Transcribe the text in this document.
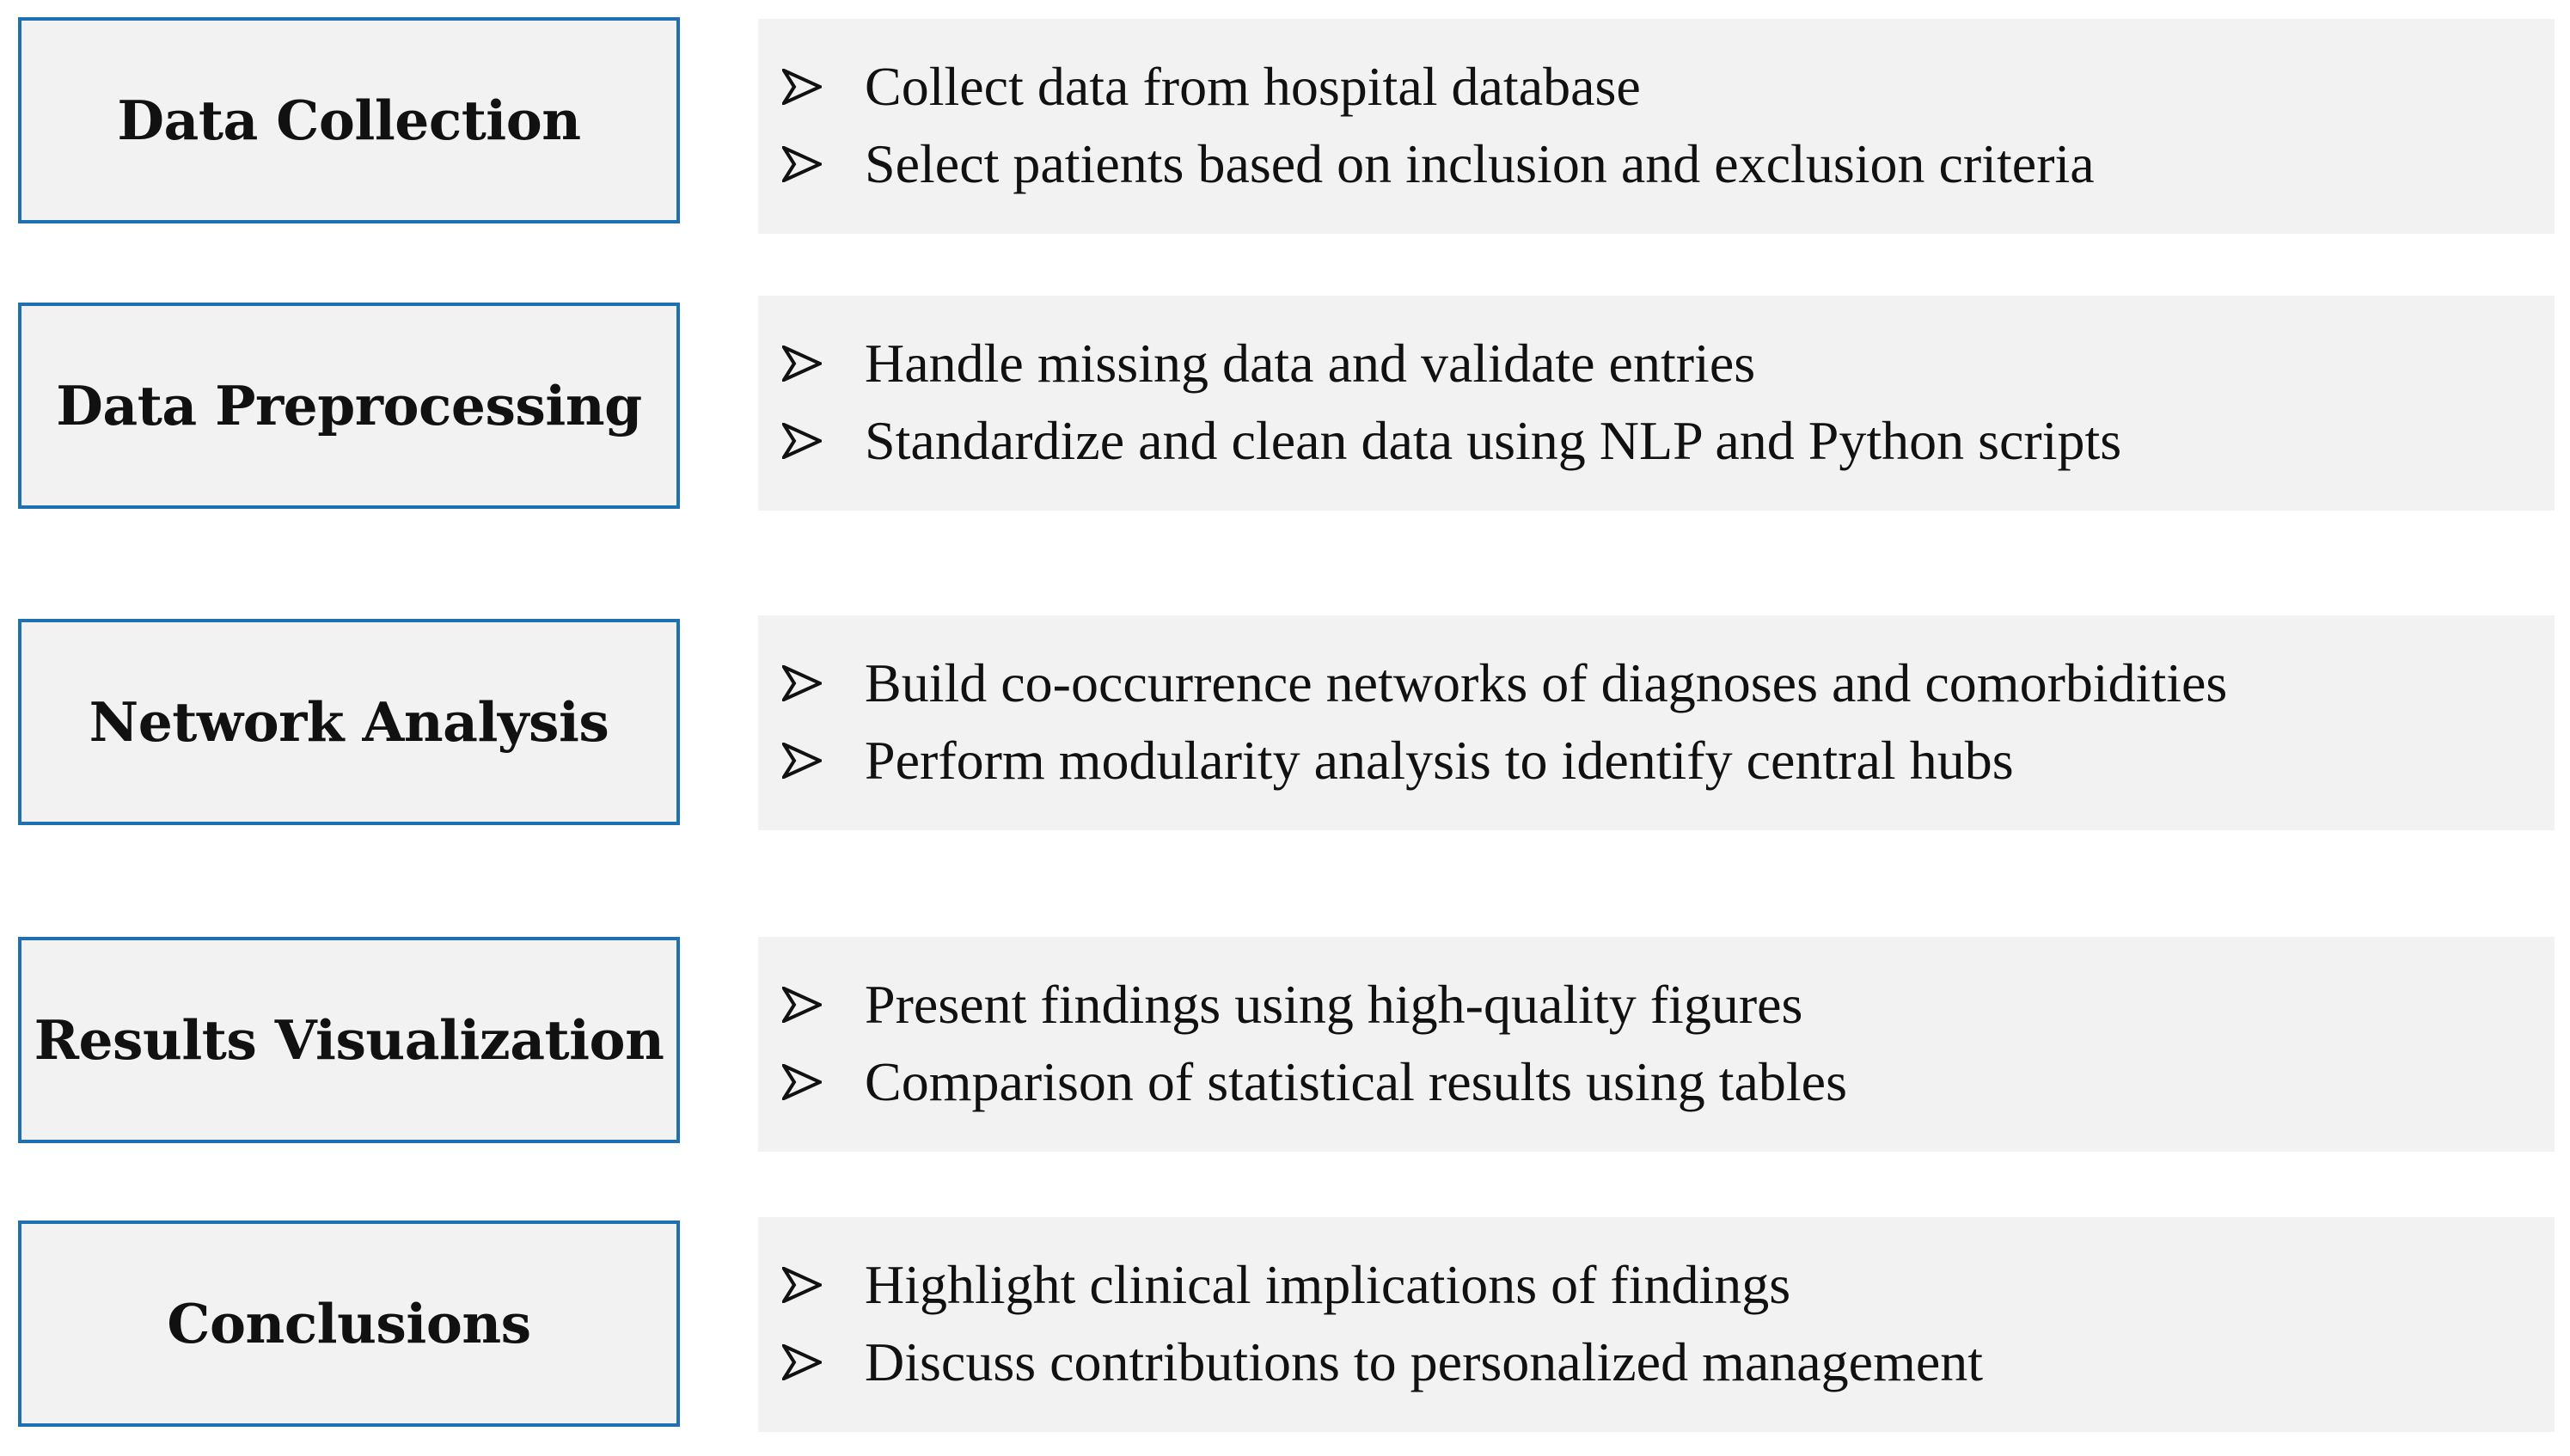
Data Collection
Collect data from hospital database
Select patients based on inclusion and exclusion criteria
Data Preprocessing
Handle missing data and validate entries
Standardize and clean data using NLP and Python scripts
Network Analysis
Build co-occurrence networks of diagnoses and comorbidities
Perform modularity analysis to identify central hubs
Results Visualization
Present findings using high-quality figures
Comparison of statistical results using tables
Conclusions
Highlight clinical implications of findings
Discuss contributions to personalized management
